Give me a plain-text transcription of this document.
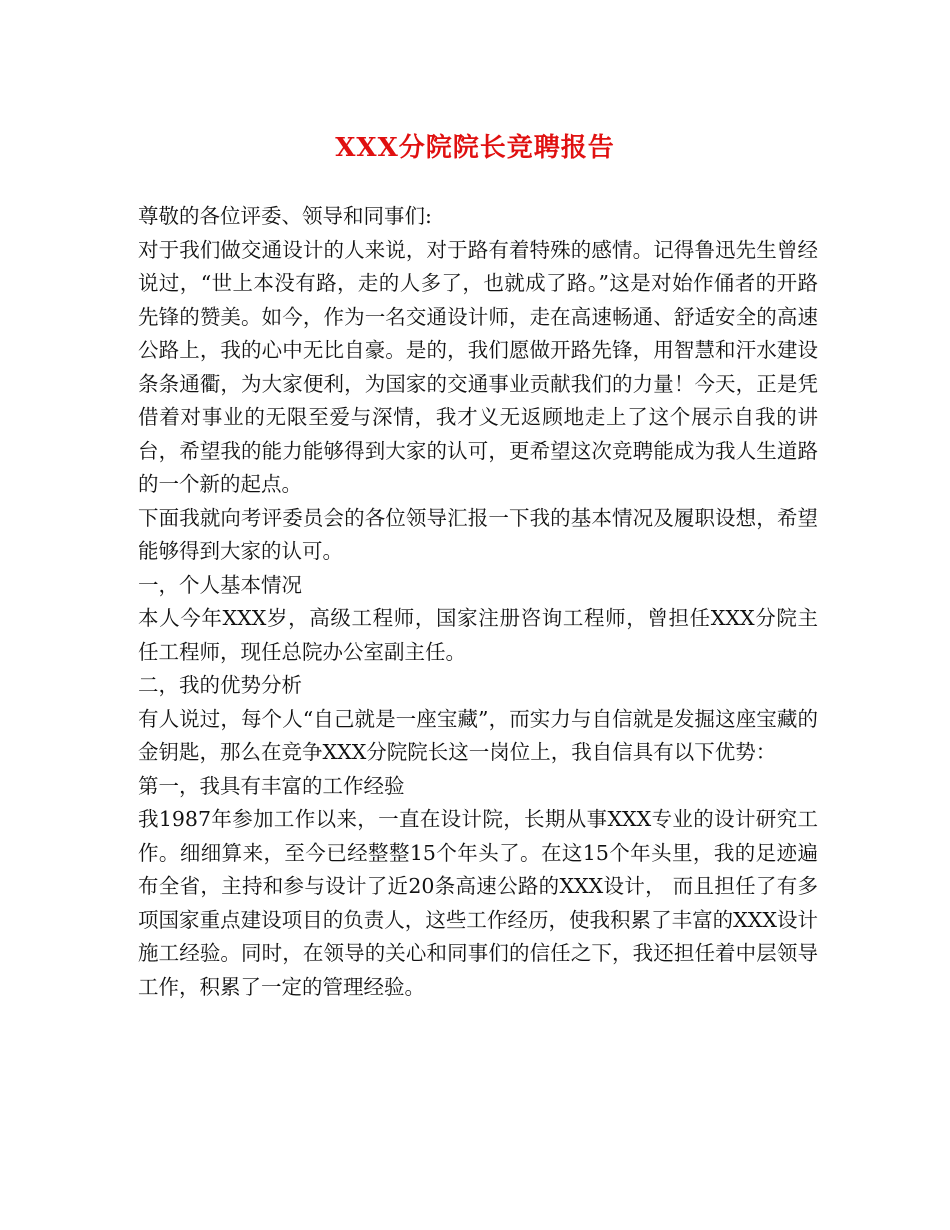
XXX分院院长竞聘报告

尊敬的各位评委、领导和同事们:

对于我们做交通设计的人来说，对于路有着特殊的感情。记得鲁迅先生曾经说过，“世上本没有路，走的人多了，也就成了路。”这是对始作俑者的开路先锋的赞美。如今，作为一名交通设计师，走在高速畅通、舒适安全的高速公路上，我的心中无比自豪。是的，我们愿做开路先锋，用智慧和汗水建设条条通衢，为大家便利，为国家的交通事业贡献我们的力量！今天，正是凭借着对事业的无限至爱与深情，我才义无返顾地走上了这个展示自我的讲台，希望我的能力能够得到大家的认可，更希望这次竞聘能成为我人生道路的一个新的起点。

下面我就向考评委员会的各位领导汇报一下我的基本情况及履职设想，希望能够得到大家的认可。

一，个人基本情况

本人今年XXX岁，高级工程师，国家注册咨询工程师，曾担任XXX分院主任工程师，现任总院办公室副主任。

二，我的优势分析

有人说过，每个人“自己就是一座宝藏”，而实力与自信就是发掘这座宝藏的金钥匙，那么在竞争XXX分院院长这一岗位上，我自信具有以下优势：

第一，我具有丰富的工作经验

我1987年参加工作以来，一直在设计院，长期从事XXX专业的设计研究工作。细细算来，至今已经整整15个年头了。在这15个年头里，我的足迹遍布全省，主持和参与设计了近20条高速公路的XXX设计， 而且担任了有多项国家重点建设项目的负责人，这些工作经历，使我积累了丰富的XXX设计施工经验。同时，在领导的关心和同事们的信任之下，我还担任着中层领导工作，积累了一定的管理经验。
